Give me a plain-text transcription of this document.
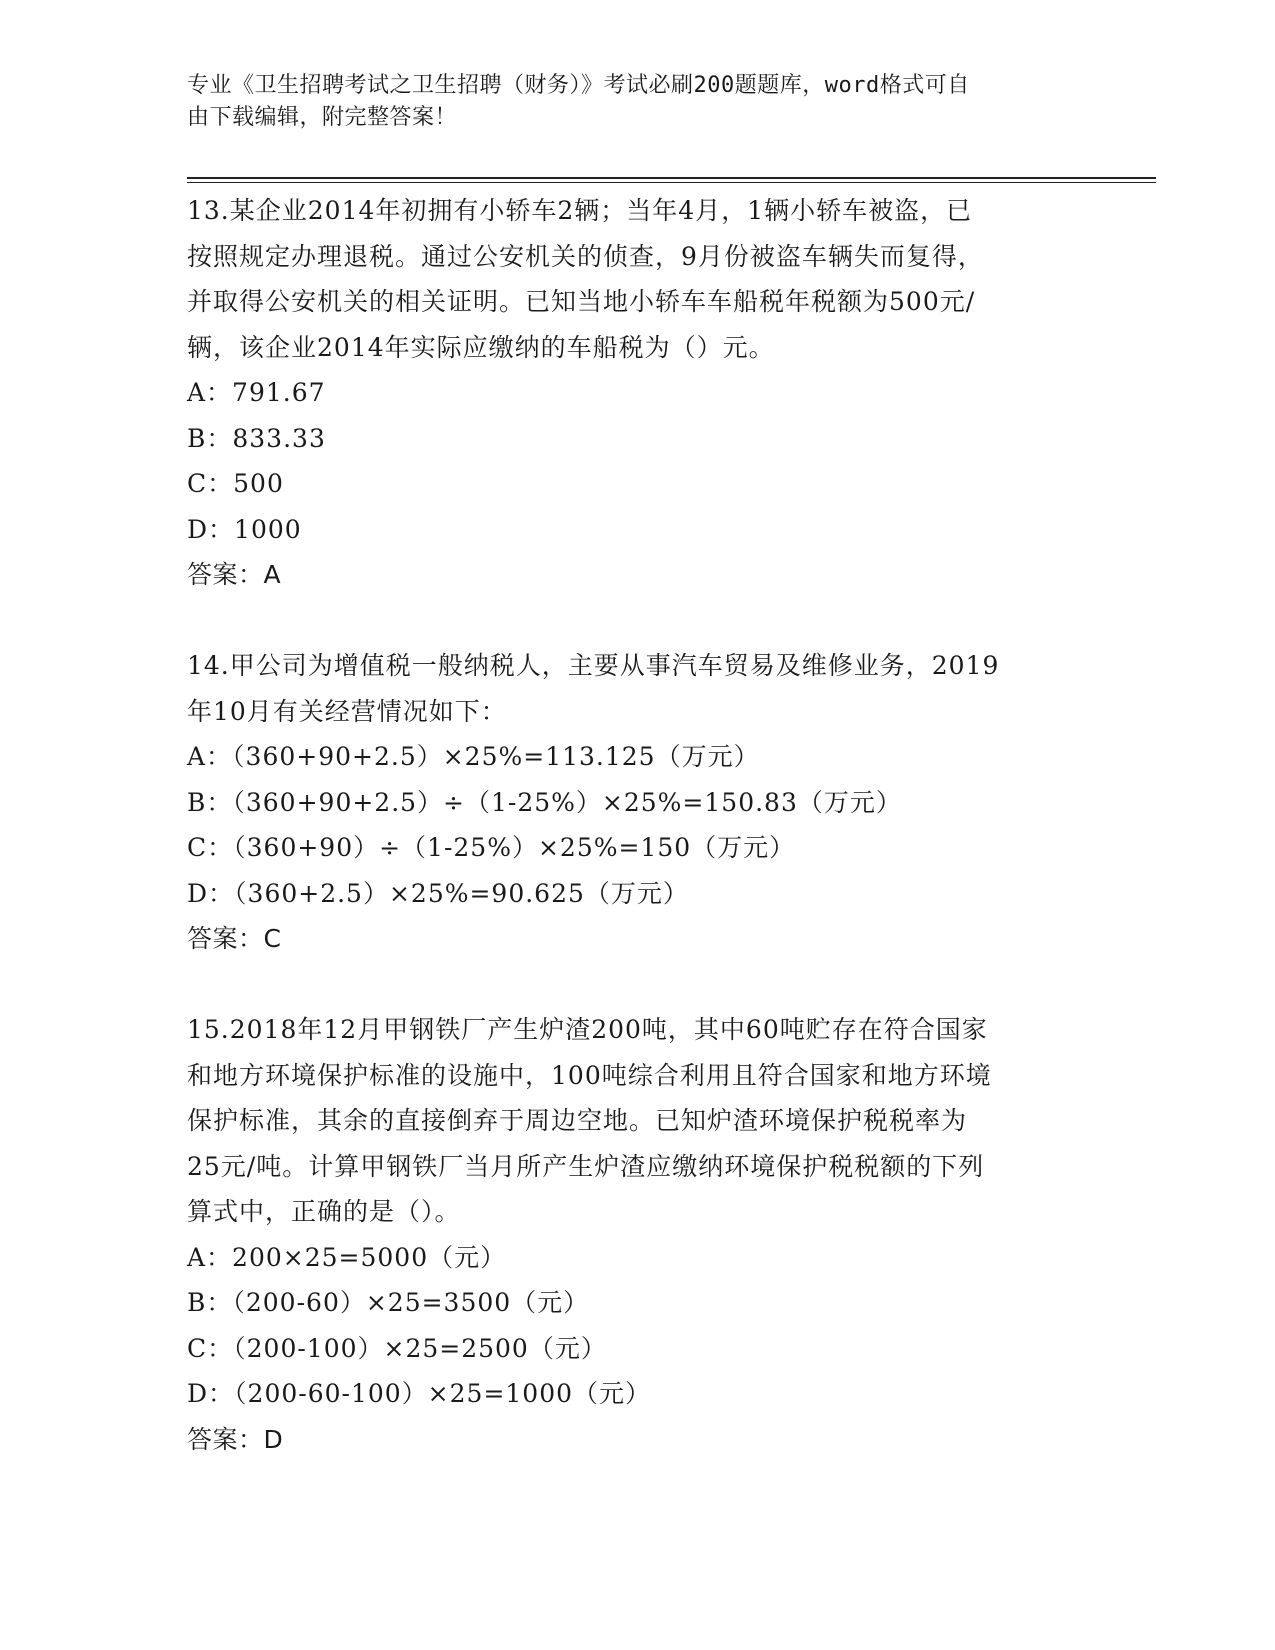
专业《卫生招聘考试之卫生招聘（财务）》考试必刷200题题库，word格式可自
由下载编辑，附完整答案！
13.某企业2014年初拥有小轿车2辆；当年4月，1辆小轿车被盗，已
按照规定办理退税。通过公安机关的侦查，9月份被盗车辆失而复得，
并取得公安机关的相关证明。已知当地小轿车车船税年税额为500元/
辆，该企业2014年实际应缴纳的车船税为（）元。
A：791.67
B：833.33
C：500
D：1000
答案：A
14.甲公司为增值税一般纳税人，主要从事汽车贸易及维修业务，2019
年10月有关经营情况如下：
A：（360+90+2.5）×25%=113.125（万元）
B：（360+90+2.5）÷（1-25%）×25%=150.83（万元）
C：（360+90）÷（1-25%）×25%=150（万元）
D：（360+2.5）×25%=90.625（万元）
答案：C
15.2018年12月甲钢铁厂产生炉渣200吨，其中60吨贮存在符合国家
和地方环境保护标准的设施中，100吨综合利用且符合国家和地方环境
保护标准，其余的直接倒弃于周边空地。已知炉渣环境保护税税率为
25元/吨。计算甲钢铁厂当月所产生炉渣应缴纳环境保护税税额的下列
算式中，正确的是（）。
A：200×25=5000（元）
B：（200-60）×25=3500（元）
C：（200-100）×25=2500（元）
D：（200-60-100）×25=1000（元）
答案：D
